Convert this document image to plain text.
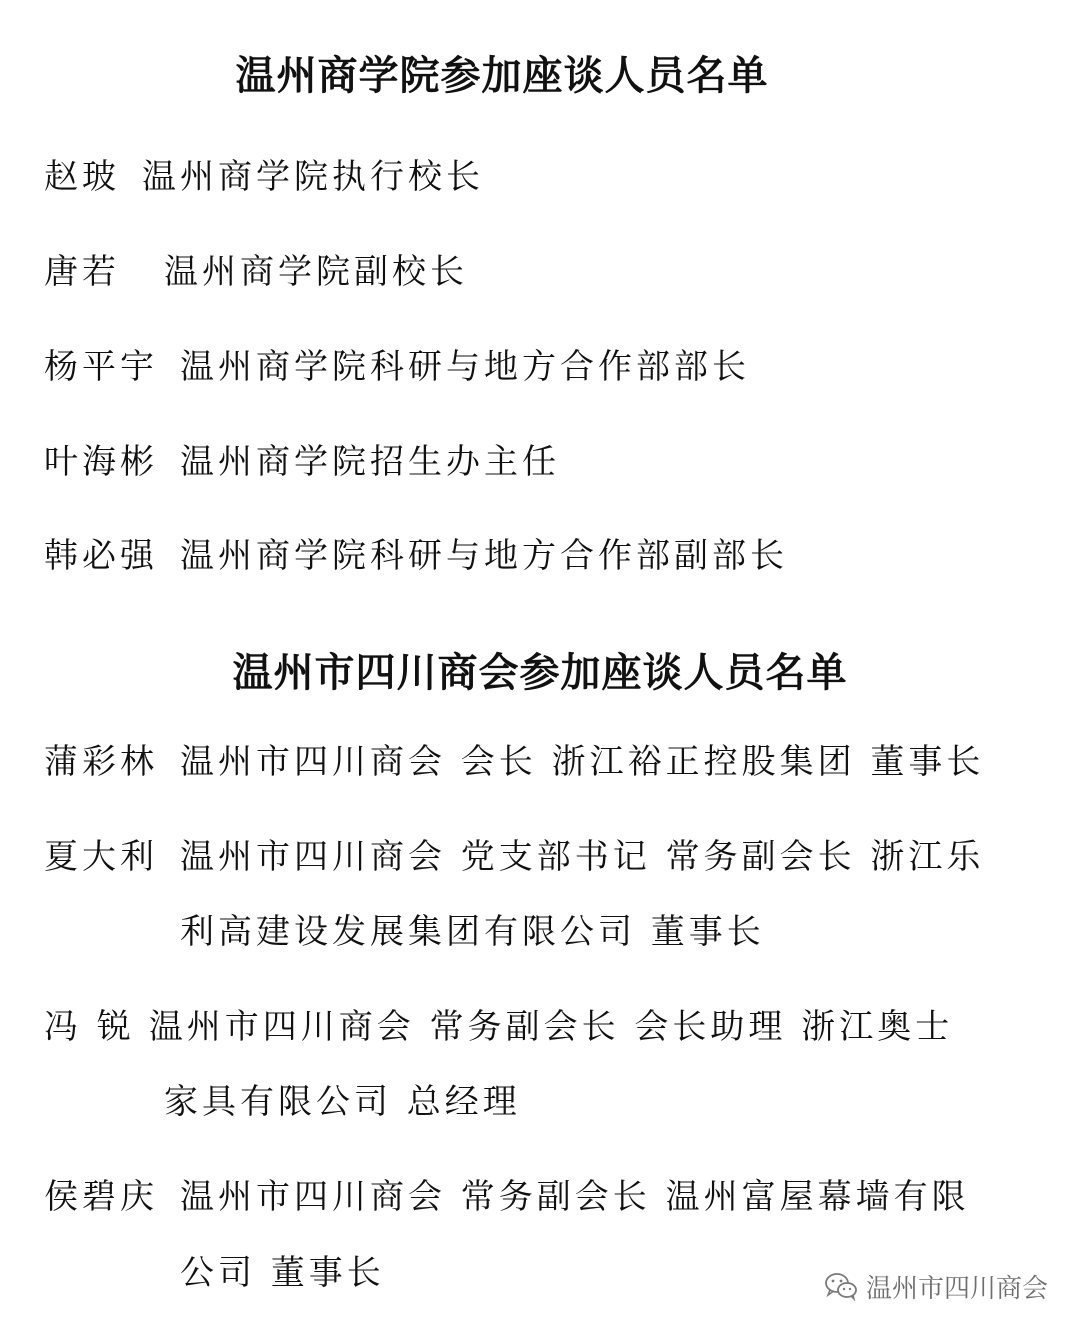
温州商学院参加座谈人员名单
赵玻 温州商学院执行校长
唐若 温州商学院副校长
杨平宇 温州商学院科研与地方合作部部长
叶海彬 温州商学院招生办主任
韩必强 温州商学院科研与地方合作部副部长
温州市四川商会参加座谈人员名单
蒲彩林 温州市四川商会 会长 浙江裕正控股集团 董事长
夏大利 温州市四川商会 党支部书记 常务副会长 浙江乐
利高建设发展集团有限公司 董事长
冯 锐 温州市四川商会 常务副会长 会长助理 浙江奥士
家具有限公司 总经理
侯碧庆 温州市四川商会 常务副会长 温州富屋幕墙有限
公司 董事长	温州市四川商会
